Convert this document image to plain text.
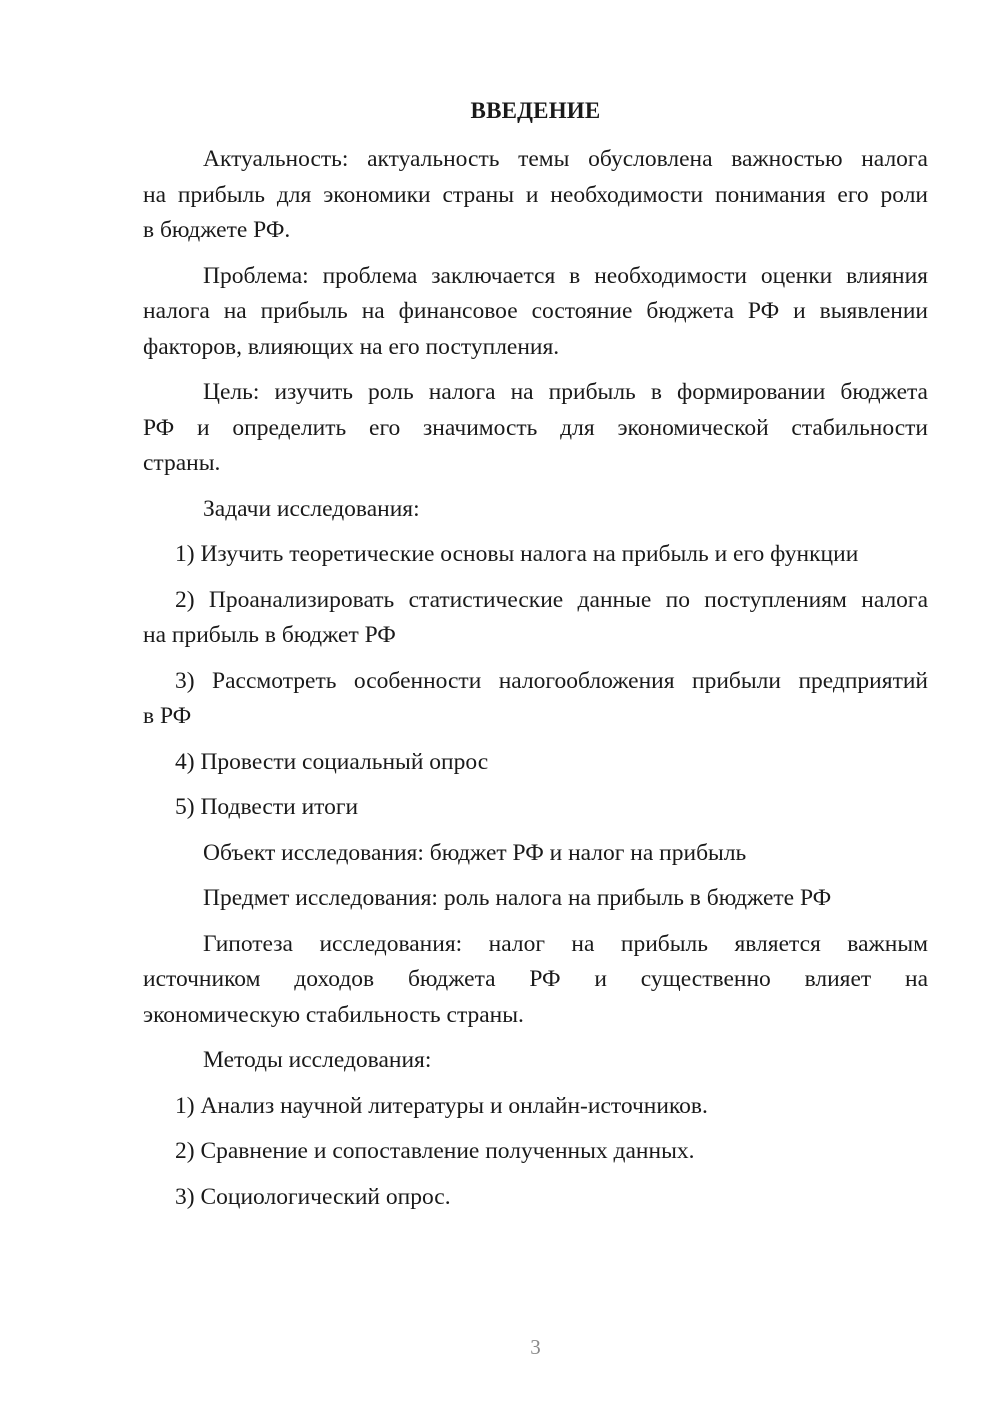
ВВЕДЕНИЕ
Актуальность: актуальность темы обусловлена важностью налога
на прибыль для экономики страны и необходимости понимания его роли
в бюджете РФ.
Проблема: проблема заключается в необходимости оценки влияния
налога на прибыль на финансовое состояние бюджета РФ и выявлении
факторов, влияющих на его поступления.
Цель: изучить роль налога на прибыль в формировании бюджета
РФ и определить его значимость для экономической стабильности
страны.
Задачи исследования:
1) Изучить теоретические основы налога на прибыль и его функции
2) Проанализировать статистические данные по поступлениям налога
на прибыль в бюджет РФ
3) Рассмотреть особенности налогообложения прибыли предприятий
в РФ
4) Провести социальный опрос
5) Подвести итоги
Объект исследования: бюджет РФ и налог на прибыль
Предмет исследования: роль налога на прибыль в бюджете РФ
Гипотеза исследования: налог на прибыль является важным
источником доходов бюджета РФ и существенно влияет на
экономическую стабильность страны.
Методы исследования:
1) Анализ научной литературы и онлайн-источников.
2) Сравнение и сопоставление полученных данных.
3) Социологический опрос.
3
